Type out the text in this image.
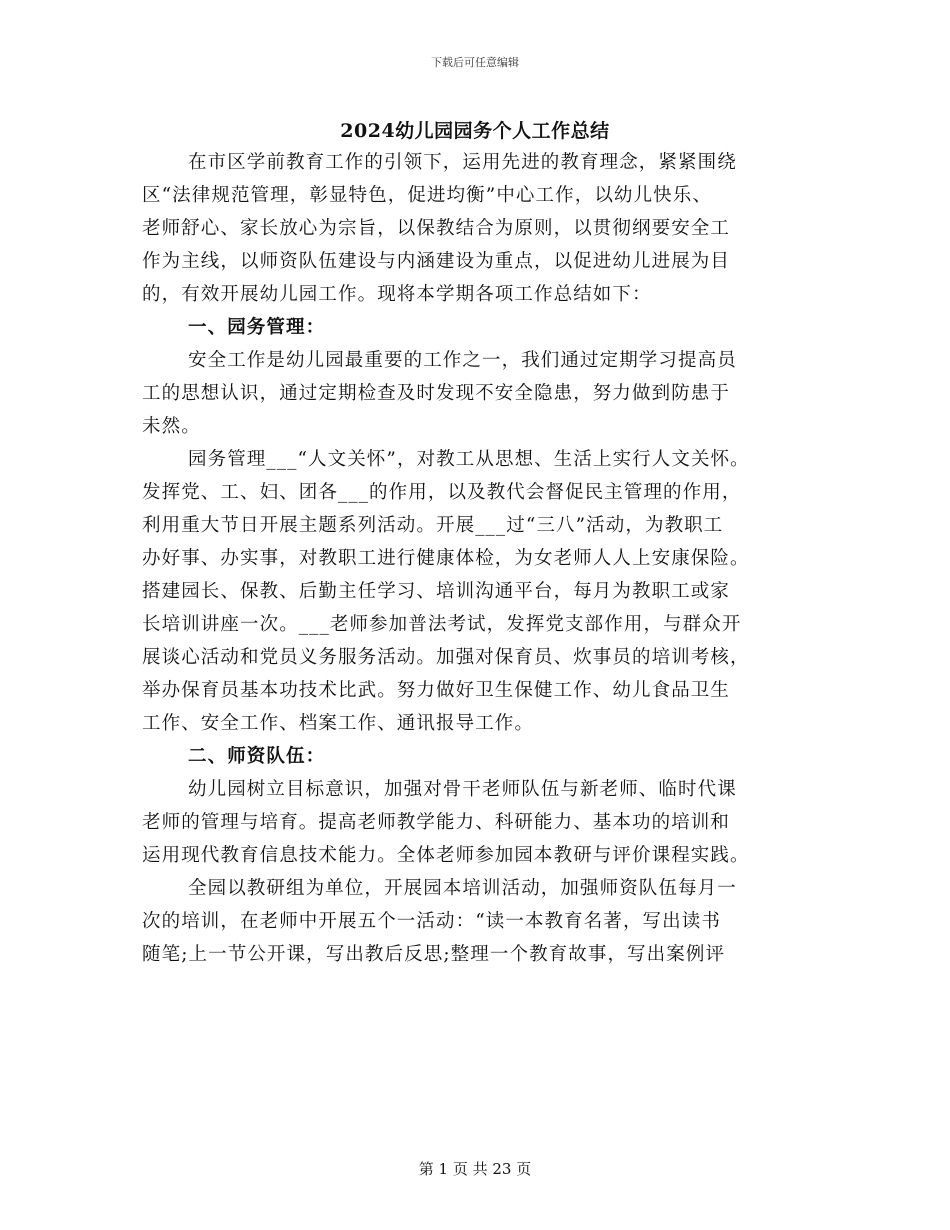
下载后可任意编辑
2024幼儿园园务个人工作总结
在市区学前教育工作的引领下，运用先进的教育理念，紧紧围绕
区“法律规范管理，彰显特色，促进均衡”中心工作，以幼儿快乐、
老师舒心、家长放心为宗旨，以保教结合为原则，以贯彻纲要安全工
作为主线，以师资队伍建设与内涵建设为重点，以促进幼儿进展为目
的，有效开展幼儿园工作。现将本学期各项工作总结如下：
一、园务管理：
安全工作是幼儿园最重要的工作之一，我们通过定期学习提高员
工的思想认识，通过定期检查及时发现不安全隐患，努力做到防患于
未然。
园务管理___“人文关怀”，对教工从思想、生活上实行人文关怀。
发挥党、工、妇、团各___的作用，以及教代会督促民主管理的作用，
利用重大节日开展主题系列活动。开展___过“三八”活动，为教职工
办好事、办实事，对教职工进行健康体检，为女老师人人上安康保险。
搭建园长、保教、后勤主任学习、培训沟通平台，每月为教职工或家
长培训讲座一次。___老师参加普法考试，发挥党支部作用，与群众开
展谈心活动和党员义务服务活动。加强对保育员、炊事员的培训考核，
举办保育员基本功技术比武。努力做好卫生保健工作、幼儿食品卫生
工作、安全工作、档案工作、通讯报导工作。
二、师资队伍：
幼儿园树立目标意识，加强对骨干老师队伍与新老师、临时代课
老师的管理与培育。提高老师教学能力、科研能力、基本功的培训和
运用现代教育信息技术能力。全体老师参加园本教研与评价课程实践。
全园以教研组为单位，开展园本培训活动，加强师资队伍每月一
次的培训，在老师中开展五个一活动：“读一本教育名著，写出读书
随笔;上一节公开课，写出教后反思;整理一个教育故事，写出案例评
第 1 页 共 23 页
